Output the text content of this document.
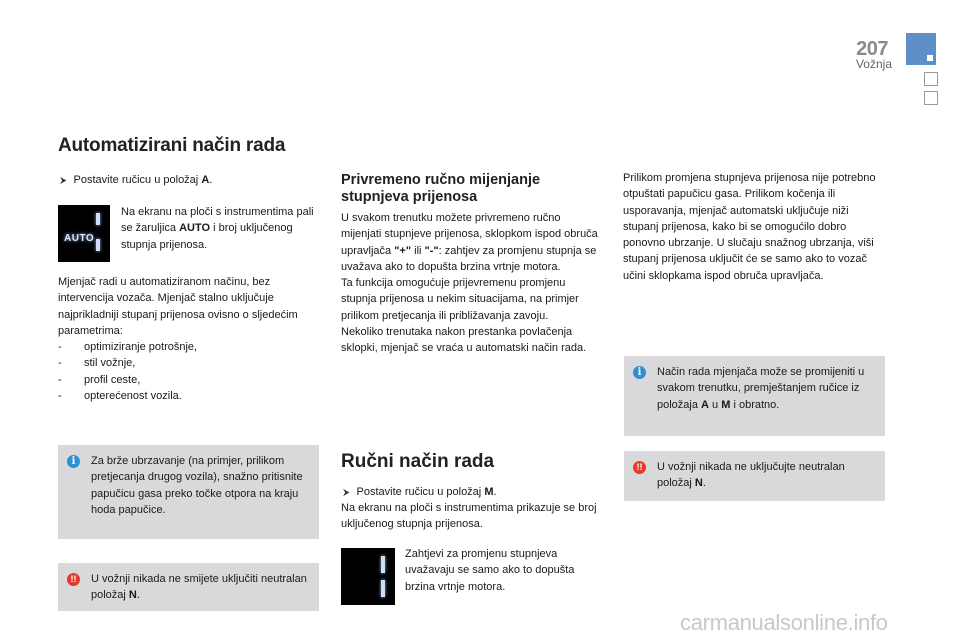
207
Vožnja
Automatizirani način rada
⮞ Postavite ručicu u položaj A.
AUTO
Na ekranu na ploči s instrumentima pali se žaruljica AUTO i broj uključenog stupnja prijenosa.
Mjenjač radi u automatiziranom načinu, bez intervencija vozača. Mjenjač stalno uključuje najprikladniji stupanj prijenosa ovisno o sljedećim parametrima:
-	optimiziranje potrošnje,
-	stil vožnje,
-	profil ceste,
-	opterećenost vozila.
i	Za brže ubrzavanje (na primjer, prilikom pretjecanja drugog vozila), snažno pritisnite papučicu gasa preko točke otpora na kraju hoda papučice.
!!	U vožnji nikada ne smijete uključiti neutralan položaj N.
Privremeno ručno mijenjanje stupnjeva prijenosa
U svakom trenutku možete privremeno ručno mijenjati stupnjeve prijenosa, sklopkom ispod obruča upravljača "+" ili "-": zahtjev za promjenu stupnja se uvažava ako to dopušta brzina vrtnje motora.
Ta funkcija omogućuje prijevremenu promjenu stupnja prijenosa u nekim situacijama, na primjer prilikom pretjecanja ili približavanja zavoju.
Nekoliko trenutaka nakon prestanka povlačenja sklopki, mjenjač se vraća u automatski način rada.
Ručni način rada
⮞ Postavite ručicu u položaj M.
Na ekranu na ploči s instrumentima prikazuje se broj uključenog stupnja prijenosa.
Zahtjevi za promjenu stupnjeva uvažavaju se samo ako to dopušta brzina vrtnje motora.
Prilikom promjena stupnjeva prijenosa nije potrebno otpuštati papučicu gasa. Prilikom kočenja ili usporavanja, mjenjač automatski uključuje niži stupanj prijenosa, kako bi se omogućilo dobro ponovno ubrzanje. U slučaju snažnog ubrzanja, viši stupanj prijenosa uključit će se samo ako to vozač učini sklopkama ispod obruča upravljača.
i	Način rada mjenjača može se promijeniti u svakom trenutku, premještanjem ručice iz položaja A u M i obratno.
!!	U vožnji nikada ne uključujte neutralan položaj N.
carmanualsonline.info
